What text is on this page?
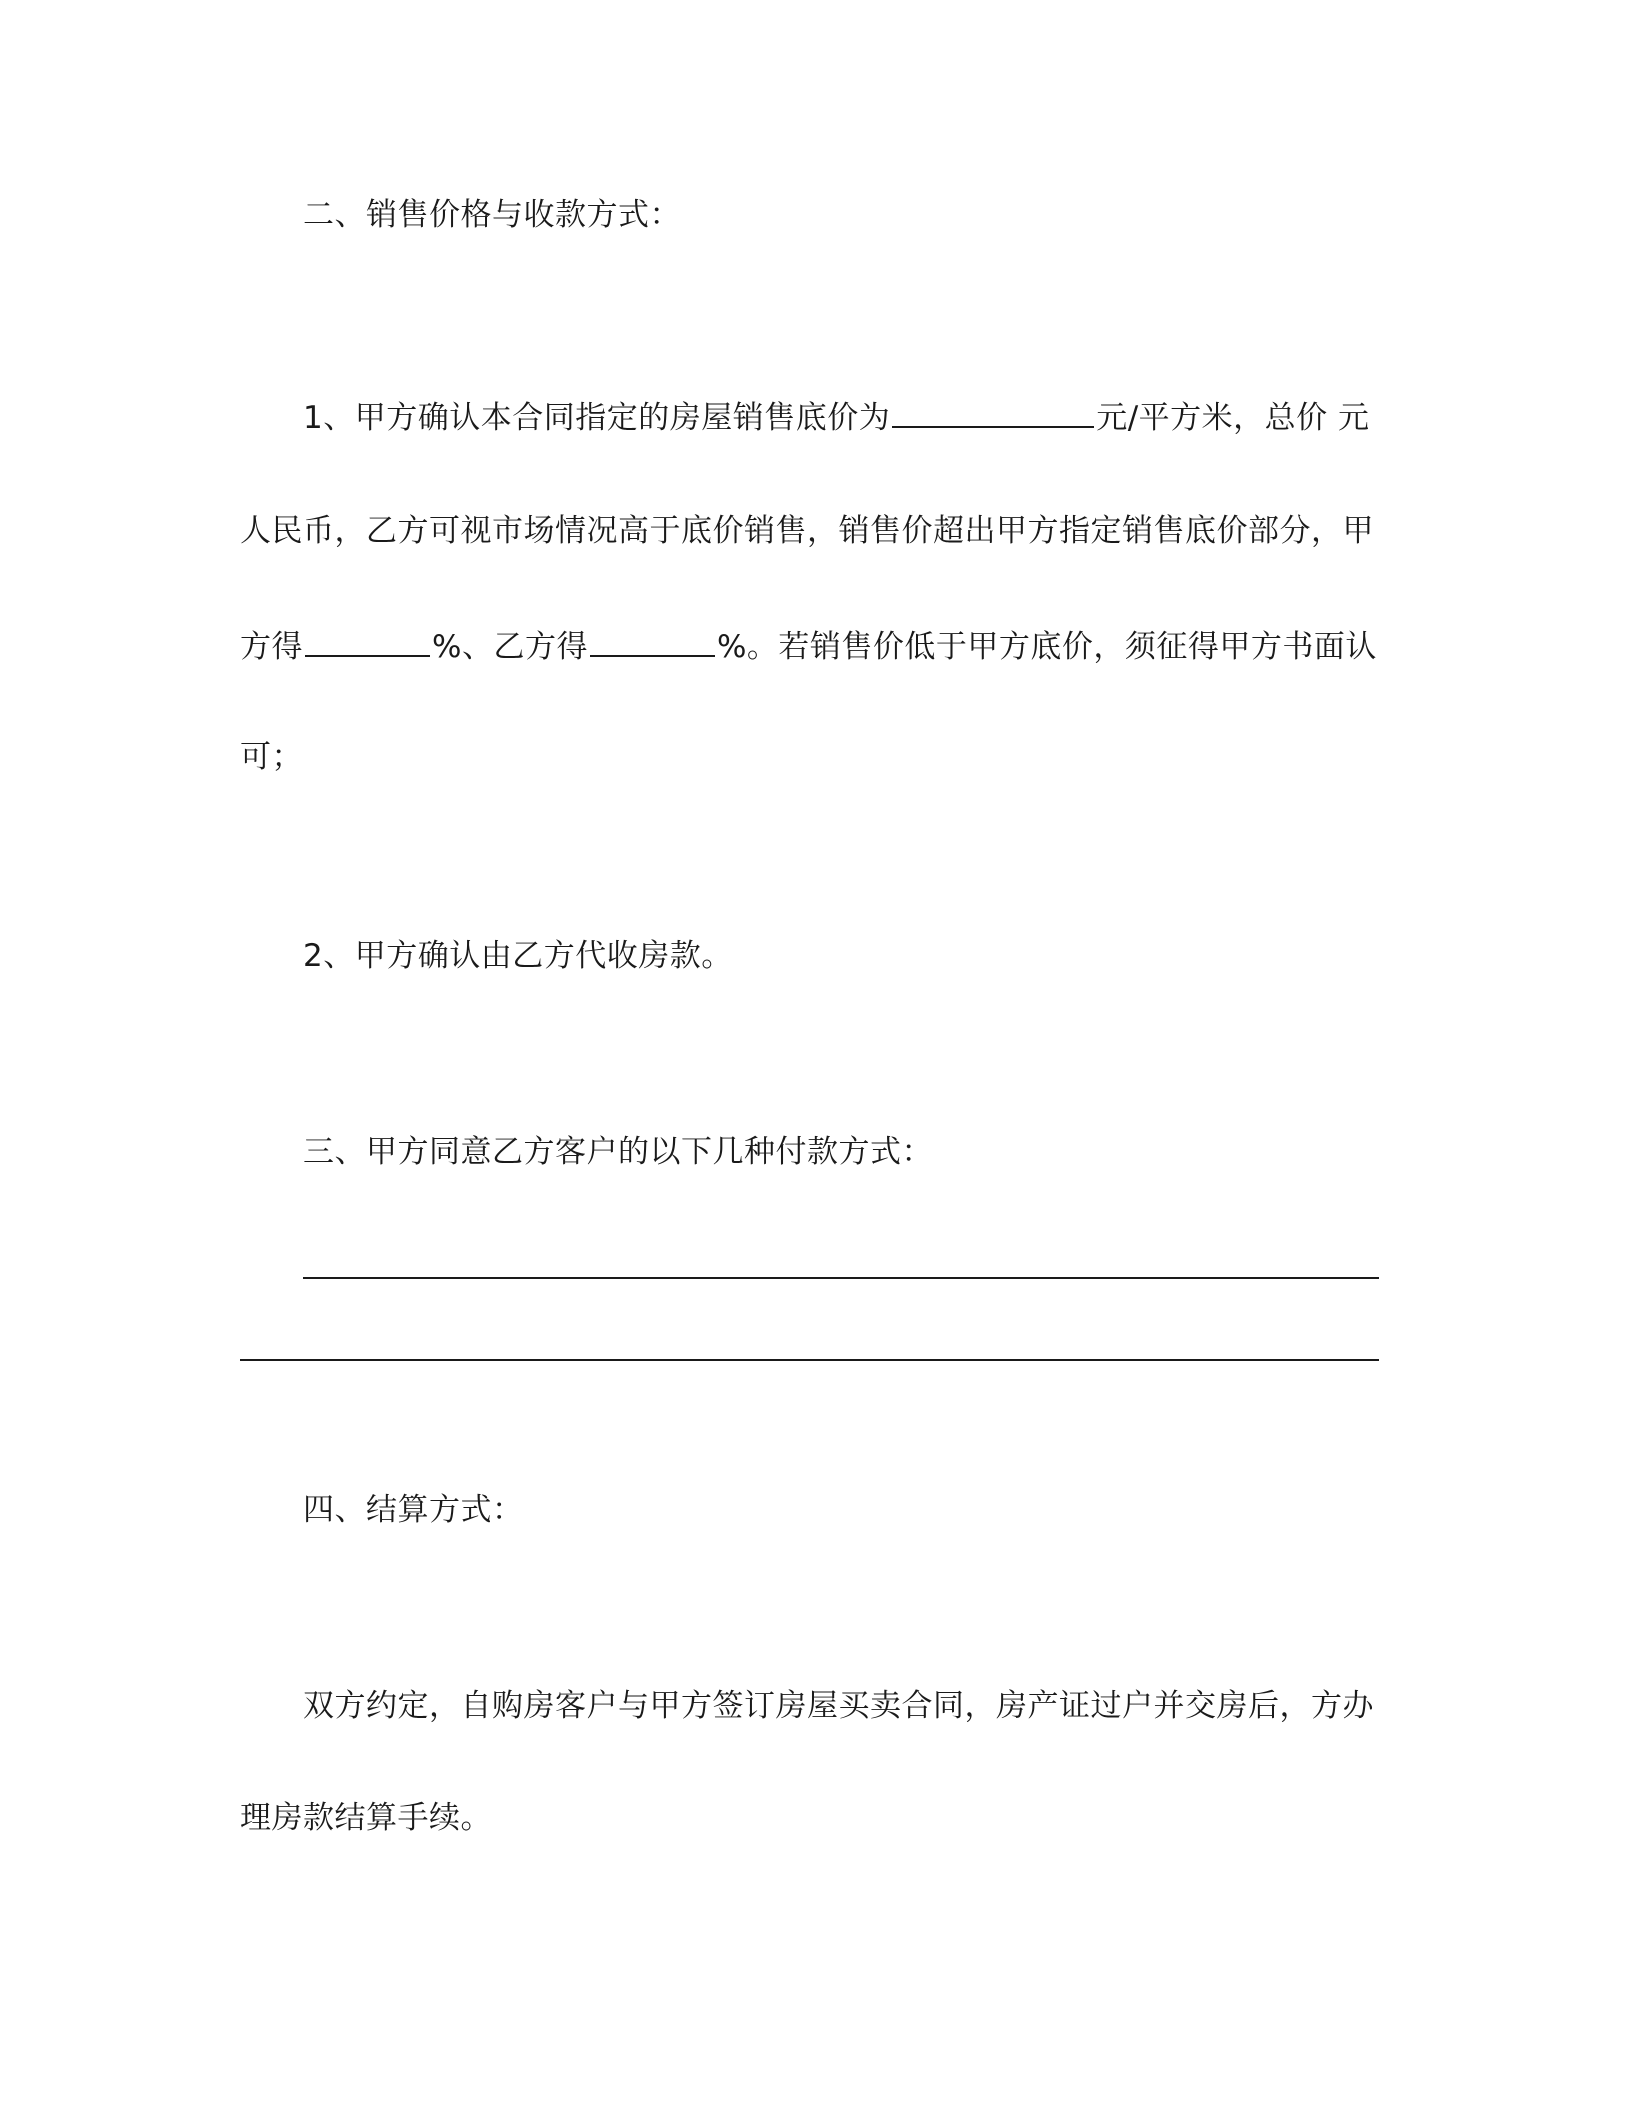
二、销售价格与收款方式：
1、甲方确认本合同指定的房屋销售底价为	元/平方米，总价 元
人民币，乙方可视市场情况高于底价销售，销售价超出甲方指定销售底价部分，甲
方得	%、乙方得	%。若销售价低于甲方底价，须征得甲方书面认
可；
2、甲方确认由乙方代收房款。
三、甲方同意乙方客户的以下几种付款方式：
四、结算方式：
双方约定，自购房客户与甲方签订房屋买卖合同，房产证过户并交房后，方办
理房款结算手续。
